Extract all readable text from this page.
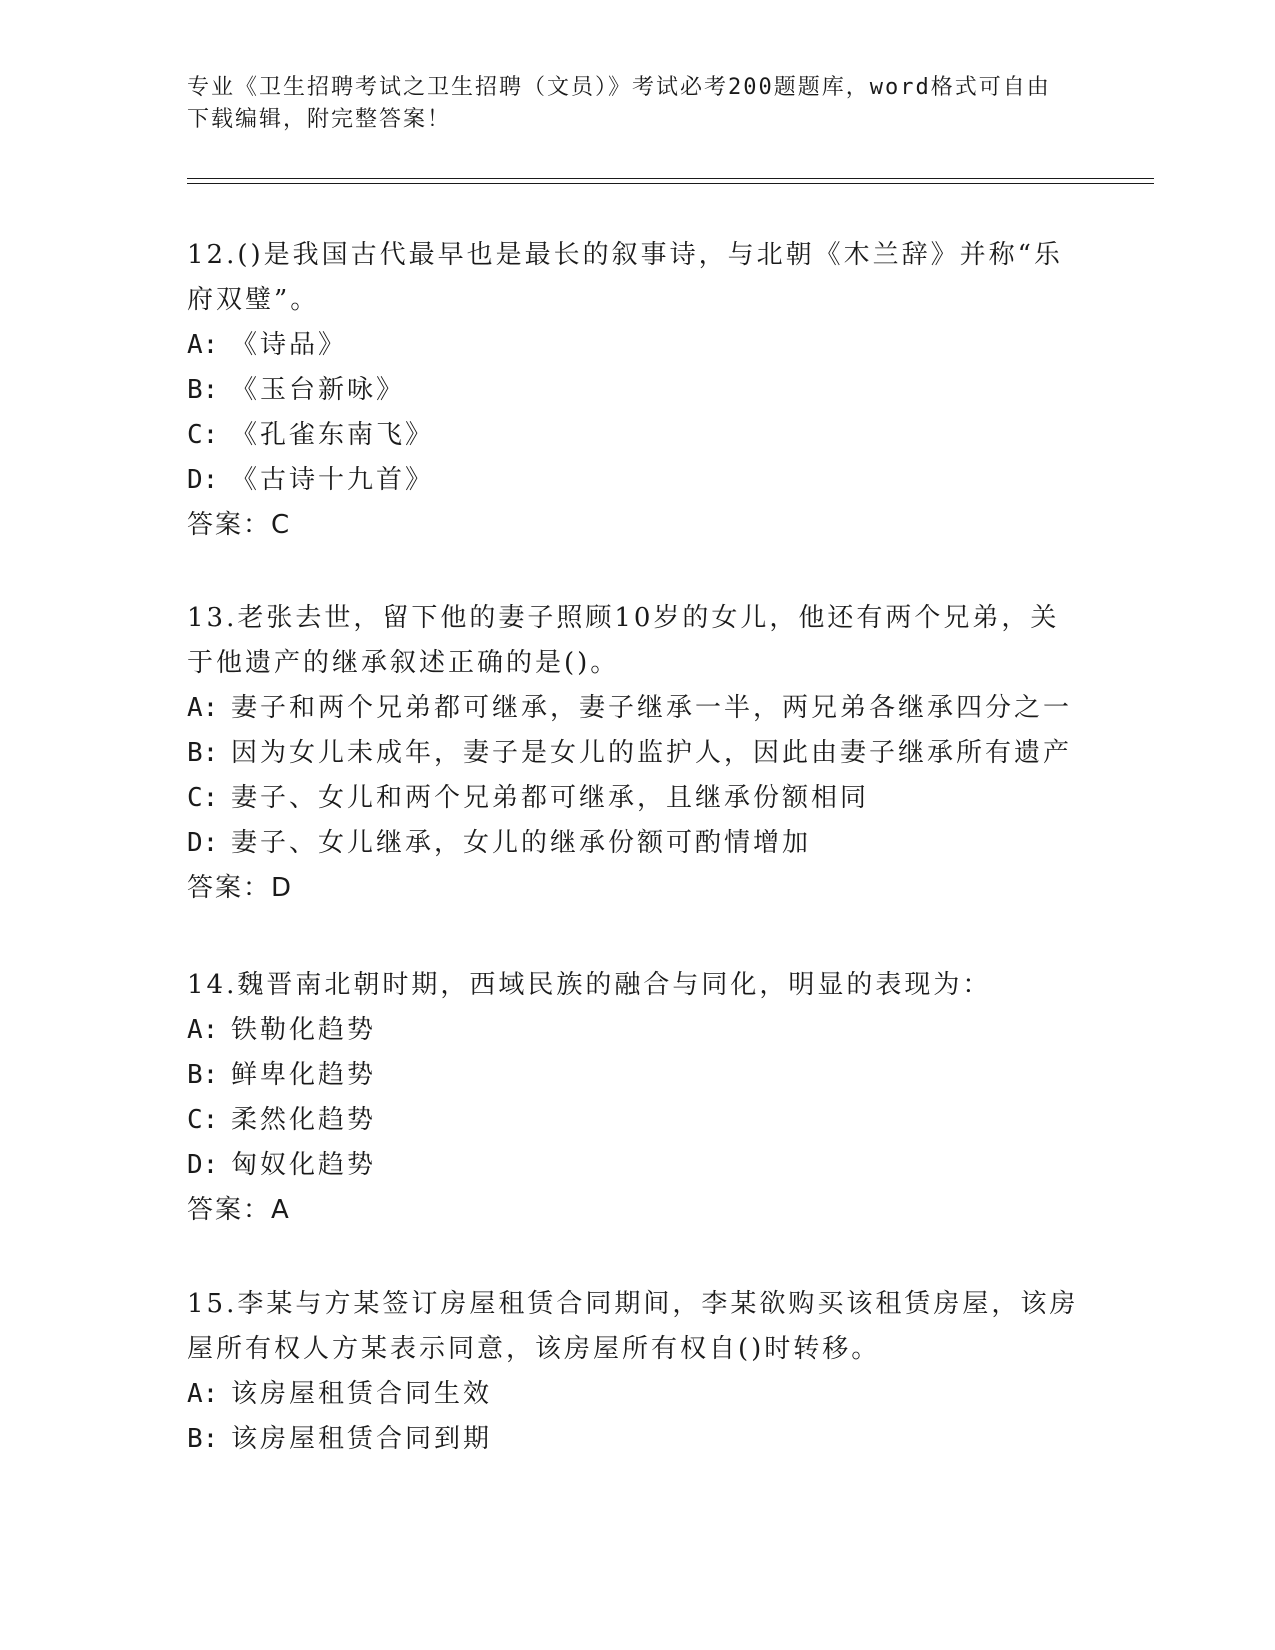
专业《卫生招聘考试之卫生招聘（文员）》考试必考200题题库，word格式可自由下载编辑，附完整答案！

12.()是我国古代最早也是最长的叙事诗，与北朝《木兰辞》并称“乐府双璧”。

A: 《诗品》

B: 《玉台新咏》

C: 《孔雀东南飞》

D: 《古诗十九首》

答案：C

13.老张去世，留下他的妻子照顾10岁的女儿，他还有两个兄弟，关于他遗产的继承叙述正确的是()。

A: 妻子和两个兄弟都可继承，妻子继承一半，两兄弟各继承四分之一

B: 因为女儿未成年，妻子是女儿的监护人，因此由妻子继承所有遗产

C: 妻子、女儿和两个兄弟都可继承，且继承份额相同

D: 妻子、女儿继承，女儿的继承份额可酌情增加

答案：D

14.魏晋南北朝时期，西域民族的融合与同化，明显的表现为：

A: 铁勒化趋势

B: 鲜卑化趋势

C: 柔然化趋势

D: 匈奴化趋势

答案：A

15.李某与方某签订房屋租赁合同期间，李某欲购买该租赁房屋，该房屋所有权人方某表示同意，该房屋所有权自()时转移。

A: 该房屋租赁合同生效

B: 该房屋租赁合同到期
